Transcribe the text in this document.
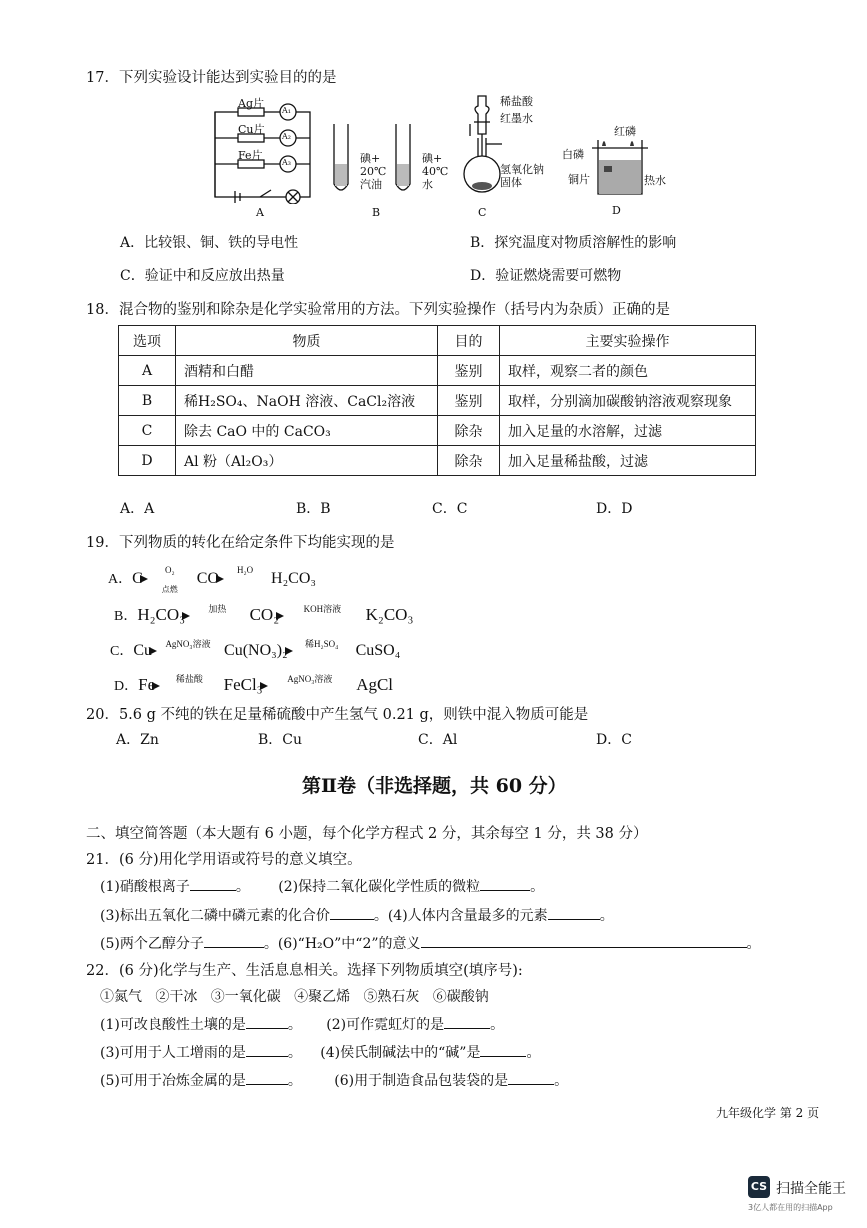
17．下列实验设计能达到实验目的的是
Ag片
Cu片
Fe片
A₁
A₂
A₃
A
碘+
20℃
汽油
碘+
40℃
水
B
稀盐酸
红墨水
氢氧化钠
固体
C
红磷
白磷
铜片	热水
D
A．比较银、铜、铁的导电性	B．探究温度对物质溶解性的影响
C．验证中和反应放出热量	D．验证燃烧需要可燃物
18．混合物的鉴别和除杂是化学实验常用的方法。下列实验操作（括号内为杂质）正确的是
选项	物质	目的	主要实验操作
A	酒精和白醋	鉴别	取样，观察二者的颜色
B	稀H₂SO₄、NaOH 溶液、CaCl₂溶液	鉴别	取样，分别滴加碳酸钠溶液观察现象
C	除去 CaO 中的 CaCO₃	除杂	加入足量的水溶解，过滤
D	Al 粉（Al₂O₃）	除杂	加入足量稀盐酸，过滤
A．A	B．B	C．C	D．D
19．下列物质的转化在给定条件下均能实现的是
A．C	O₂
点燃
CO	H₂O	H₂CO₃
B．H₂CO₃	加热	CO₂	KOH溶液	K₂CO₃
C．Cu	AgNO₃溶液 Cu(NO₃)₂	稀H₂SO₄	CuSO₄
D．Fe	稀盐酸	FeCl₃	AgNO₃溶液	AgCl
20．5.6 g 不纯的铁在足量稀硫酸中产生氢气 0.21 g，则铁中混入物质可能是
A．Zn	B．Cu	C．Al	D．C
第Ⅱ卷（非选择题，共 60 分）
二、填空简答题（本大题有 6 小题，每个化学方程式 2 分，其余每空 1 分，共 38 分）
21．(6 分)用化学用语或符号的意义填空。
(1)硝酸根离子	。 (2)保持二氧化碳化学性质的微粒	。
(3)标出五氧化二磷中磷元素的化合价	。(4)人体内含量最多的元素	。
(5)两个乙醇分子	。(6)“H₂O”中“2”的意义	。
22．(6 分)化学与生产、生活息息相关。选择下列物质填空(填序号):
①氮气 ②干冰 ③一氧化碳 ④聚乙烯 ⑤熟石灰 ⑥碳酸钠
(1)可改良酸性土壤的是	。 (2)可作霓虹灯的是	。
(3)可用于人工增雨的是	。 (4)侯氏制碱法中的“碱”是	。
(5)可用于冶炼金属的是	。 (6)用于制造食品包装袋的是	。
九年级化学 第 2 页
CS 扫描全能王
3亿人都在用的扫描App
